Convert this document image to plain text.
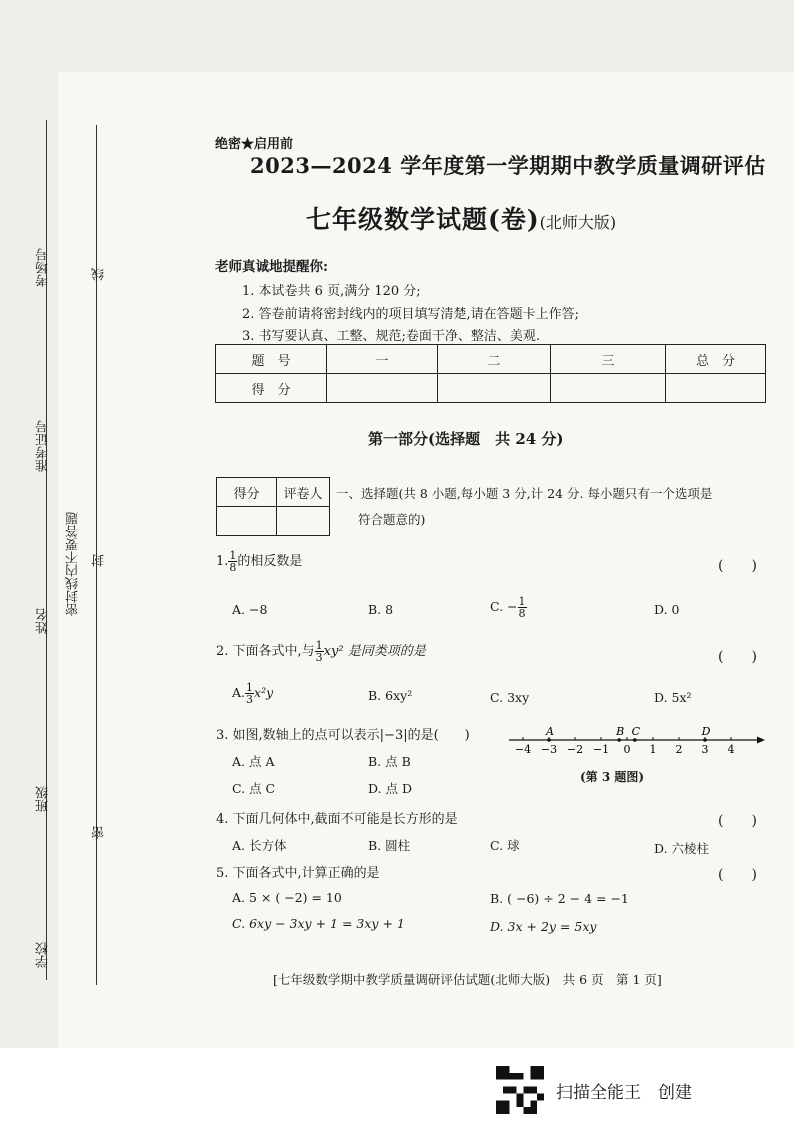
考场号
准考证号
姓名
班级
学校
密封线内不要答题
线
封
密
绝密★启用前
2023—2024 学年度第一学期期中教学质量调研评估
七年级数学试题(卷)(北师大版)
老师真诚地提醒你:
1. 本试卷共 6 页,满分 120 分;
2. 答卷前请将密封线内的项目填写清楚,请在答题卡上作答;
3. 书写要认真、工整、规范;卷面干净、整洁、美观.
题　号	一	二	三	总　分
得　分				
第一部分(选择题　共 24 分)
得分	评卷人
	一、选择题(共 8 小题,每小题 3 分,计 24 分. 每小题只有一个选项是
符合题意的)
1. $\frac{1}{8}$ 的相反数是	(　　)
A. −8	B. 8	C. − $\frac{1}{8}$	D. 0
2. 下面各式中,与 $\frac{1}{3} xy^2$ 是同类项的是	(　　)
A. $\frac{1}{3} x^2y$	B. 6xy²	C. 3xy	D. 5x²
3. 如图,数轴上的点可以表示|−3|的是(　　)
A. 点 A	B. 点 B
C. 点 C	D. 点 D
−4 −3 −2 −1 0 1 2 3 4
A	B C	D
(第 3 题图)
4. 下面几何体中,截面不可能是长方形的是	(　　)
A. 长方体	B. 圆柱	C. 球	D. 六棱柱
5. 下面各式中,计算正确的是	(　　)
A. 5 × ( −2) = 10	B. ( −6) ÷ 2 − 4 = −1
C. 6xy − 3xy + 1 = 3xy + 1	D. 3x + 2y = 5xy
[七年级数学期中教学质量调研评估试题(北师大版)　共 6 页　第 1 页]
扫描全能王　创建
